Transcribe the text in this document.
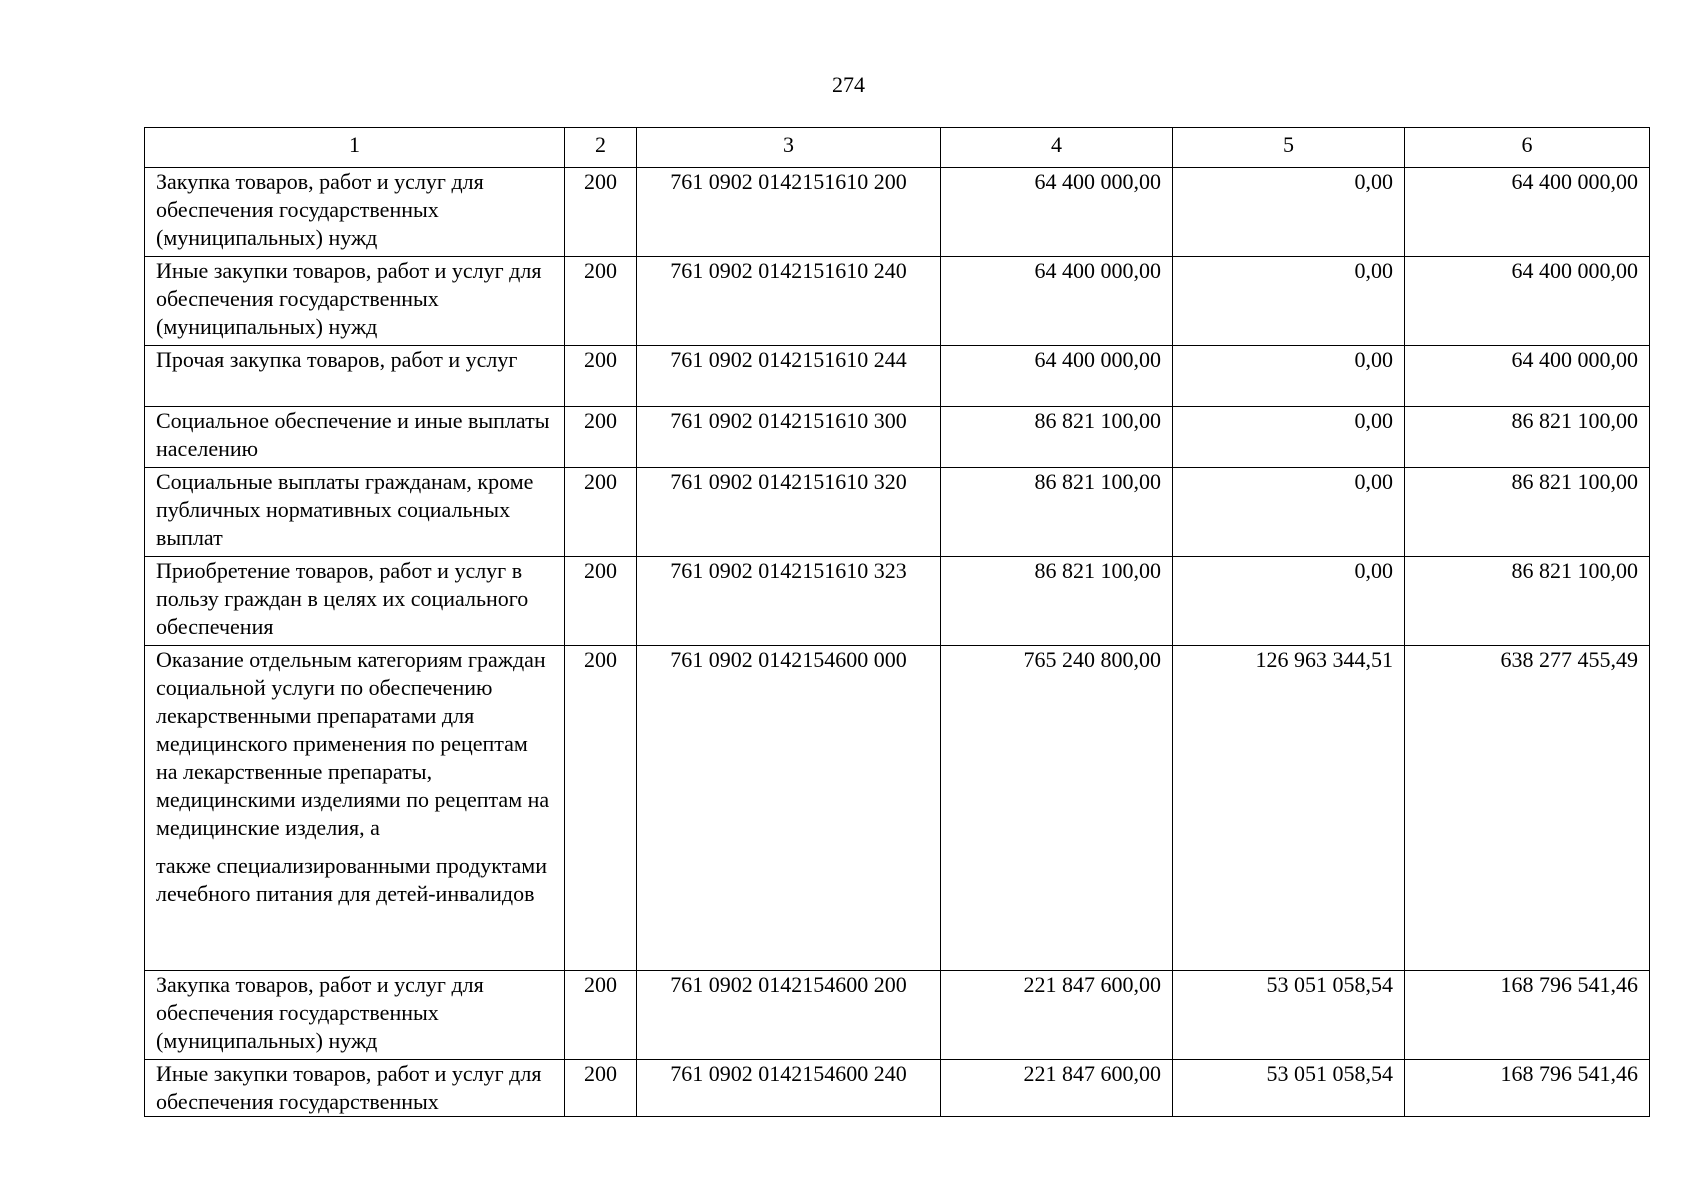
274
1	2	3	4	5	6

Закупка товаров, работ и услуг для обеспечения государственных (муниципальных) нужд	200	761 0902 0142151610 200	64 400 000,00	0,00	64 400 000,00

Иные закупки товаров, работ и услуг для обеспечения государственных (муниципальных) нужд	200	761 0902 0142151610 240	64 400 000,00	0,00	64 400 000,00

Прочая закупка товаров, работ и услуг	200	761 0902 0142151610 244	64 400 000,00	0,00	64 400 000,00

Социальное обеспечение и иные выплаты населению	200	761 0902 0142151610 300	86 821 100,00	0,00	86 821 100,00

Социальные выплаты гражданам, кроме публичных нормативных социальных выплат	200	761 0902 0142151610 320	86 821 100,00	0,00	86 821 100,00

Приобретение товаров, работ и услуг в пользу граждан в целях их социального обеспечения	200	761 0902 0142151610 323	86 821 100,00	0,00	86 821 100,00

Оказание отдельным категориям граждан социальной услуги по обеспечению лекарственными препаратами для медицинского применения по рецептам на лекарственные препараты, медицинскими изделиями по рецептам на медицинские изделия, а
также специализированными продуктами лечебного питания для детей-инвалидов	200	761 0902 0142154600 000	765 240 800,00	126 963 344,51	638 277 455,49

Закупка товаров, работ и услуг для обеспечения государственных (муниципальных) нужд	200	761 0902 0142154600 200	221 847 600,00	53 051 058,54	168 796 541,46

Иные закупки товаров, работ и услуг для обеспечения государственных	200	761 0902 0142154600 240	221 847 600,00	53 051 058,54	168 796 541,46
